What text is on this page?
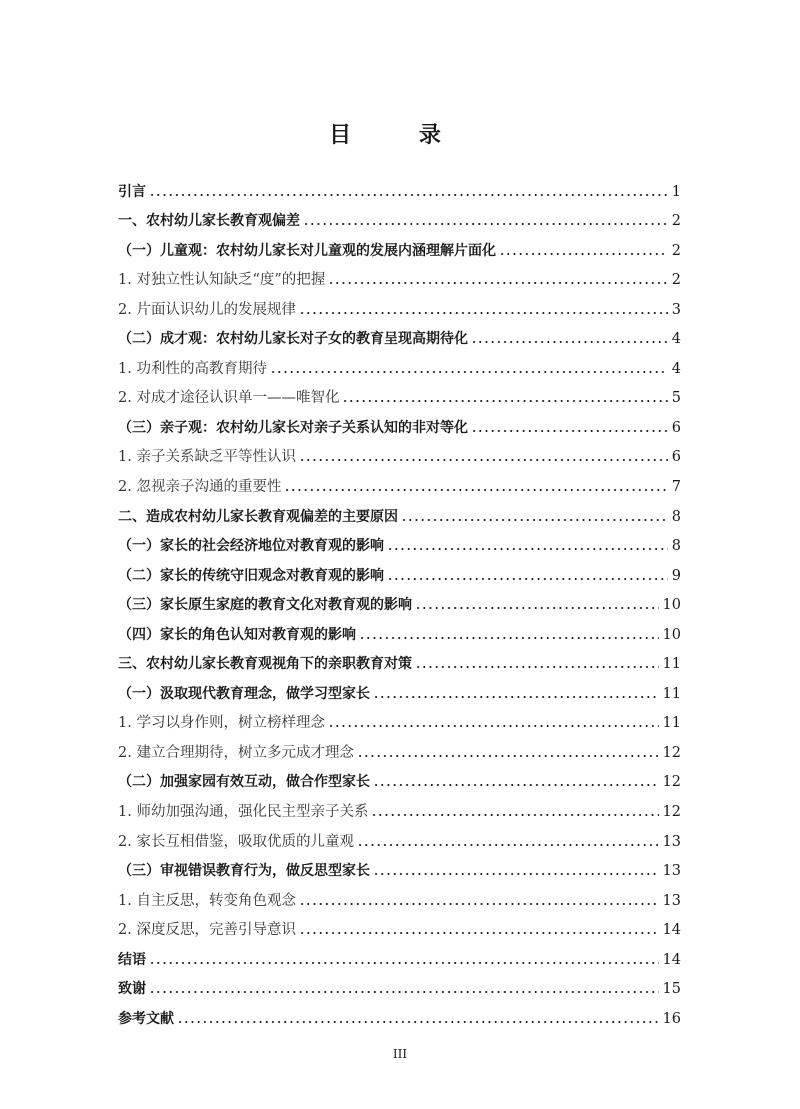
目 录
引言	1
一、农村幼儿家长教育观偏差	2
（一）儿童观：农村幼儿家长对儿童观的发展内涵理解片面化	2
1. 对独立性认知缺乏“度”的把握	2
2. 片面认识幼儿的发展规律	3
（二）成才观：农村幼儿家长对子女的教育呈现高期待化	4
1. 功利性的高教育期待	4
2. 对成才途径认识单一——唯智化	5
（三）亲子观：农村幼儿家长对亲子关系认知的非对等化	6
1. 亲子关系缺乏平等性认识	6
2. 忽视亲子沟通的重要性	7
二、造成农村幼儿家长教育观偏差的主要原因	8
（一）家长的社会经济地位对教育观的影响	8
（二）家长的传统守旧观念对教育观的影响	9
（三）家长原生家庭的教育文化对教育观的影响	10
（四）家长的角色认知对教育观的影响	10
三、农村幼儿家长教育观视角下的亲职教育对策	11
（一）汲取现代教育理念，做学习型家长	11
1. 学习以身作则，树立榜样理念	11
2. 建立合理期待，树立多元成才理念	12
（二）加强家园有效互动，做合作型家长	12
1. 师幼加强沟通，强化民主型亲子关系	12
2. 家长互相借鉴，吸取优质的儿童观	13
（三）审视错误教育行为，做反思型家长	13
1. 自主反思，转变角色观念	13
2. 深度反思，完善引导意识	14
结语	14
致谢	15
参考文献	16
III
